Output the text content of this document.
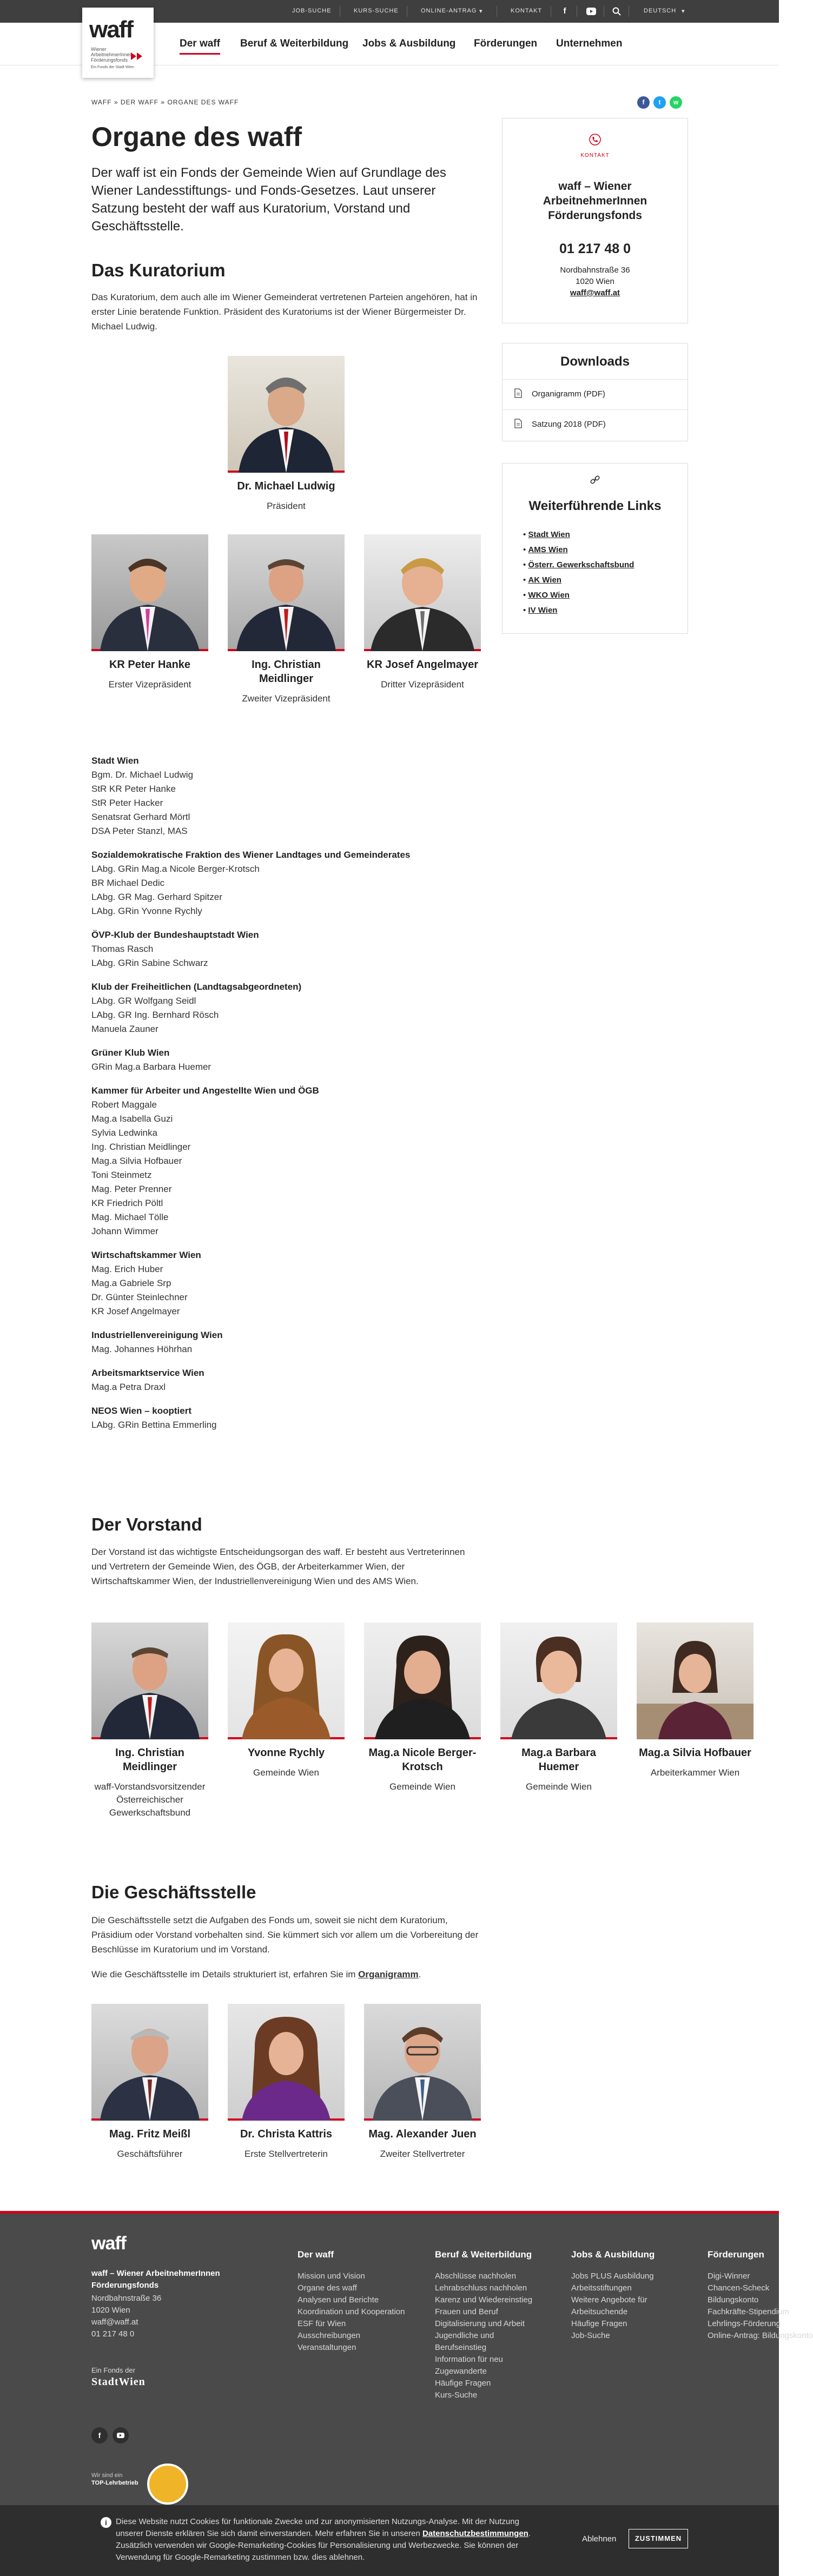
JOB-SUCHE	KURS-SUCHE	ONLINE-ANTRAG ▾	KONTAKT	f	DEUTSCH ▾
waff
Wiener
ArbeitnehmerInnen
Förderungsfonds
Ein Fonds der Stadt Wien
Der waff Beruf & Weiterbildung Jobs & Ausbildung Förderungen Unternehmen
WAFF » DER WAFF » ORGANE DES WAFF	f	t	w
Organe des waff
Der waff ist ein Fonds der Gemeinde Wien auf Grundlage des Wiener Landesstiftungs- und Fonds-Gesetzes. Laut unserer Satzung besteht der waff aus Kuratorium, Vorstand und Geschäftsstelle.
Das Kuratorium
Das Kuratorium, dem auch alle im Wiener Gemeinderat vertretenen Parteien angehören, hat in erster Linie beratende Funktion. Präsident des Kuratoriums ist der Wiener Bürgermeister Dr. Michael Ludwig.
Dr. Michael Ludwig
Präsident
KR Peter Hanke
Erster Vizepräsident
Ing. Christian Meidlinger
Zweiter Vizepräsident
KR Josef Angelmayer
Dritter Vizepräsident
Stadt Wien
Bgm. Dr. Michael Ludwig
StR KR Peter Hanke
StR Peter Hacker
Senatsrat Gerhard Mörtl
DSA Peter Stanzl, MAS
Sozialdemokratische Fraktion des Wiener Landtages und Gemeinderates
LAbg. GRin Mag.a Nicole Berger-Krotsch
BR Michael Dedic
LAbg. GR Mag. Gerhard Spitzer
LAbg. GRin Yvonne Rychly
ÖVP-Klub der Bundeshauptstadt Wien
Thomas Rasch
LAbg. GRin Sabine Schwarz
Klub der Freiheitlichen (Landtagsabgeordneten)
LAbg. GR Wolfgang Seidl
LAbg. GR Ing. Bernhard Rösch
Manuela Zauner
Grüner Klub Wien
GRin Mag.a Barbara Huemer
Kammer für Arbeiter und Angestellte Wien und ÖGB
Robert Maggale
Mag.a Isabella Guzi
Sylvia Ledwinka
Ing. Christian Meidlinger
Mag.a Silvia Hofbauer
Toni Steinmetz
Mag. Peter Prenner
KR Friedrich Pöltl
Mag. Michael Tölle
Johann Wimmer
Wirtschaftskammer Wien
Mag. Erich Huber
Mag.a Gabriele Srp
Dr. Günter Steinlechner
KR Josef Angelmayer
Industriellenvereinigung Wien
Mag. Johannes Höhrhan
Arbeitsmarktservice Wien
Mag.a Petra Draxl
NEOS Wien – kooptiert
LAbg. GRin Bettina Emmerling
Der Vorstand
Der Vorstand ist das wichtigste Entscheidungsorgan des waff. Er besteht aus Vertreterinnen und Vertretern der Gemeinde Wien, des ÖGB, der Arbeiterkammer Wien, der Wirtschaftskammer Wien, der Industriellenvereinigung Wien und des AMS Wien.
Ing. Christian Meidlinger
waff-Vorstandsvorsitzender Österreichischer Gewerkschaftsbund
Yvonne Rychly
Gemeinde Wien
Mag.a Nicole Berger-Krotsch
Gemeinde Wien
Mag.a Barbara Huemer
Gemeinde Wien
Mag.a Silvia Hofbauer
Arbeiterkammer Wien
Die Geschäftsstelle
Die Geschäftsstelle setzt die Aufgaben des Fonds um, soweit sie nicht dem Kuratorium, Präsidium oder Vorstand vorbehalten sind. Sie kümmert sich vor allem um die Vorbereitung der Beschlüsse im Kuratorium und im Vorstand.
Wie die Geschäftsstelle im Details strukturiert ist, erfahren Sie im Organigramm.
Mag. Fritz Meißl
Geschäftsführer
Dr. Christa Kattris
Erste Stellvertreterin
Mag. Alexander Juen
Zweiter Stellvertreter
KONTAKT
waff – Wiener ArbeitnehmerInnen Förderungsfonds
01 217 48 0
Nordbahnstraße 36
1020 Wien
waff@waff.at
Downloads
Organigramm (PDF)
Satzung 2018 (PDF)
Weiterführende Links
• Stadt Wien
• AMS Wien
• Österr. Gewerkschaftsbund
• AK Wien
• WKO Wien
• IV Wien
waff
waff – Wiener ArbeitnehmerInnen Förderungsfonds
Nordbahnstraße 36
1020 Wien
waff@waff.at
01 217 48 0
Ein Fonds der
StadtWien
f
Wir sind ein
TOP-Lehrbetrieb
Der waff
Mission und Vision
Organe des waff
Analysen und Berichte
Koordination und Kooperation
ESF für Wien
Ausschreibungen
Veranstaltungen
Beruf & Weiterbildung
Abschlüsse nachholen
Lehrabschluss nachholen
Karenz und Wiedereinstieg
Frauen und Beruf
Digitalisierung und Arbeit
Jugendliche und Berufseinstieg
Information für neu Zugewanderte
Häufige Fragen
Kurs-Suche
Jobs & Ausbildung
Jobs PLUS Ausbildung
Arbeitsstiftungen
Weitere Angebote für Arbeitsuchende
Häufige Fragen
Job-Suche
Förderungen
Digi-Winner
Chancen-Scheck
Bildungskonto
Fachkräfte-Stipendium
Lehrlings-Förderung
Online-Antrag: Bildungskonto
i	Diese Website nutzt Cookies für funktionale Zwecke und zur anonymisierten Nutzungs-Analyse. Mit der Nutzung unserer Dienste erklären Sie sich damit einverstanden. Mehr erfahren Sie in unseren Datenschutzbestimmungen. Zusätzlich verwenden wir Google-Remarketing-Cookies für Personalisierung und Werbezwecke. Sie können der Verwendung für Google-Remarketing zustimmen bzw. dies ablehnen.
Ablehnen	ZUSTIMMEN
